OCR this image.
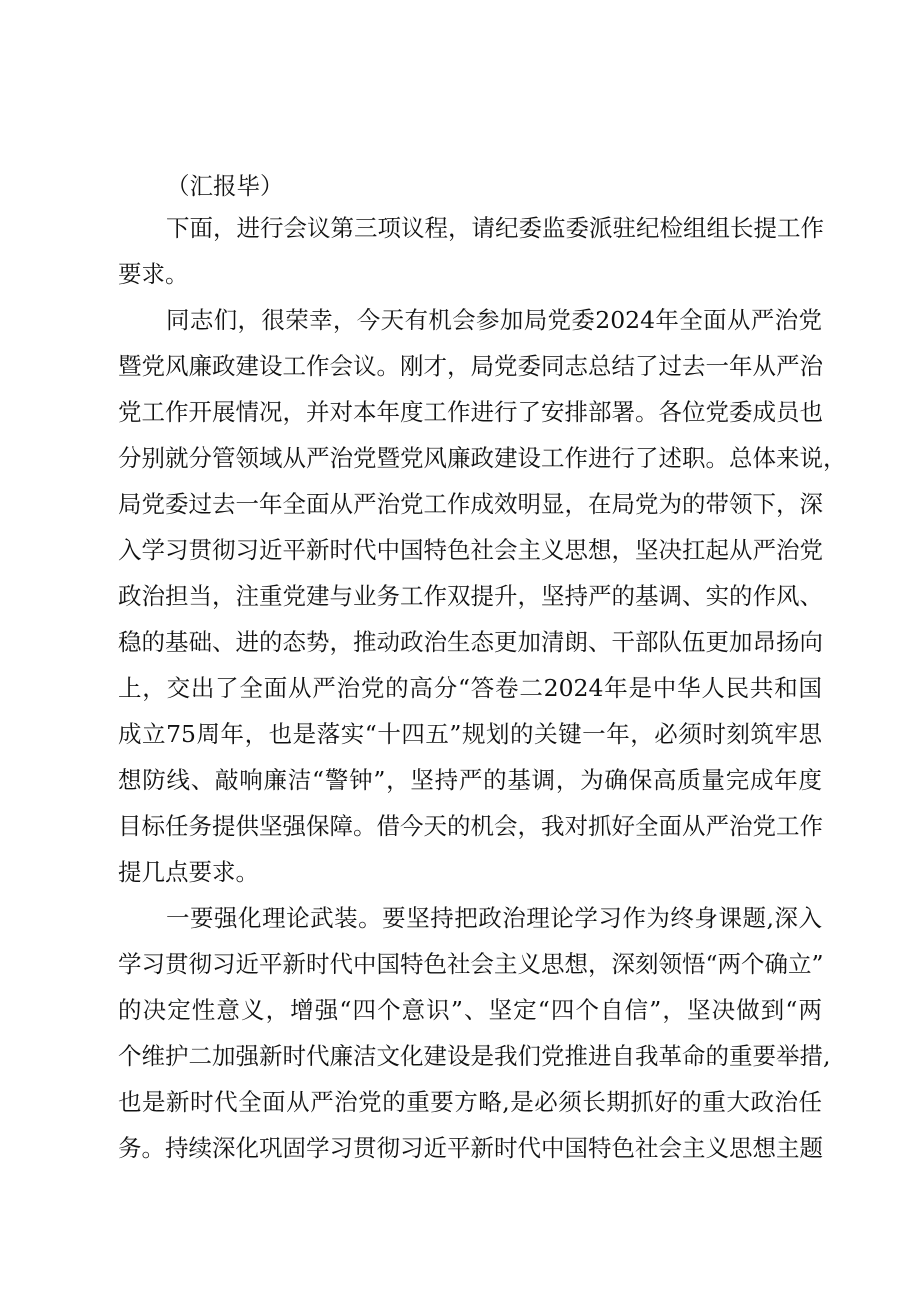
（汇报毕）
下面，进行会议第三项议程，请纪委监委派驻纪检组组长提工作
要求。
同志们，很荣幸，今天有机会参加局党委2024年全面从严治党
暨党风廉政建设工作会议。刚才，局党委同志总结了过去一年从严治
党工作开展情况，并对本年度工作进行了安排部署。各位党委成员也
分别就分管领域从严治党暨党风廉政建设工作进行了述职。总体来说，
局党委过去一年全面从严治党工作成效明显，在局党为的带领下，深
入学习贯彻习近平新时代中国特色社会主义思想，坚决扛起从严治党
政治担当，注重党建与业务工作双提升，坚持严的基调、实的作风、
稳的基础、进的态势，推动政治生态更加清朗、干部队伍更加昂扬向
上，交出了全面从严治党的高分“答卷二2024年是中华人民共和国
成立75周年，也是落实“十四五”规划的关键一年，必须时刻筑牢思
想防线、敲响廉洁“警钟”，坚持严的基调，为确保高质量完成年度
目标任务提供坚强保障。借今天的机会，我对抓好全面从严治党工作
提几点要求。
一要强化理论武装。要坚持把政治理论学习作为终身课题,深入
学习贯彻习近平新时代中国特色社会主义思想，深刻领悟“两个确立”
的决定性意义，增强“四个意识”、坚定“四个自信”，坚决做到“两
个维护二加强新时代廉洁文化建设是我们党推进自我革命的重要举措,
也是新时代全面从严治党的重要方略,是必须长期抓好的重大政治任
务。持续深化巩固学习贯彻习近平新时代中国特色社会主义思想主题
